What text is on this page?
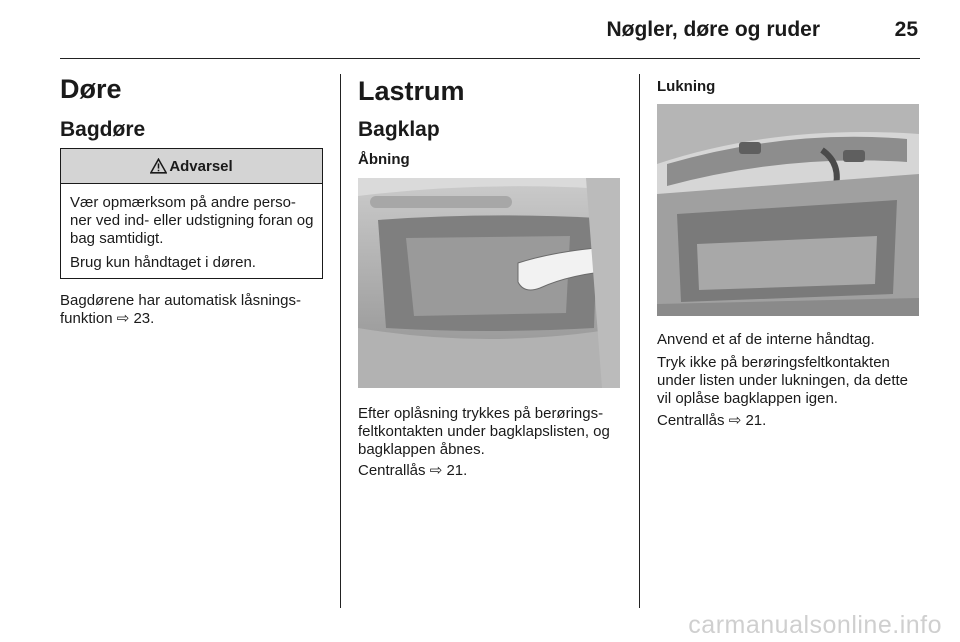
Nøgler, døre og ruder	25
Døre
Bagdøre
Advarsel

Vær opmærksom på andre perso-ner ved ind- eller udstigning foran og bag samtidigt.

Brug kun håndtaget i døren.

Bagdørene har automatisk låsnings-funktion ⇨ 23.
Lastrum
Bagklap
Åbning
Efter oplåsning trykkes på berørings-feltkontakten under bagklapslisten, og bagklappen åbnes.
Centrallås ⇨ 21.
Lukning
Anvend et af de interne håndtag.
Tryk ikke på berøringsfeltkontakten under listen under lukningen, da dette vil oplåse bagklappen igen.
Centrallås ⇨ 21.
carmanualsonline.info
